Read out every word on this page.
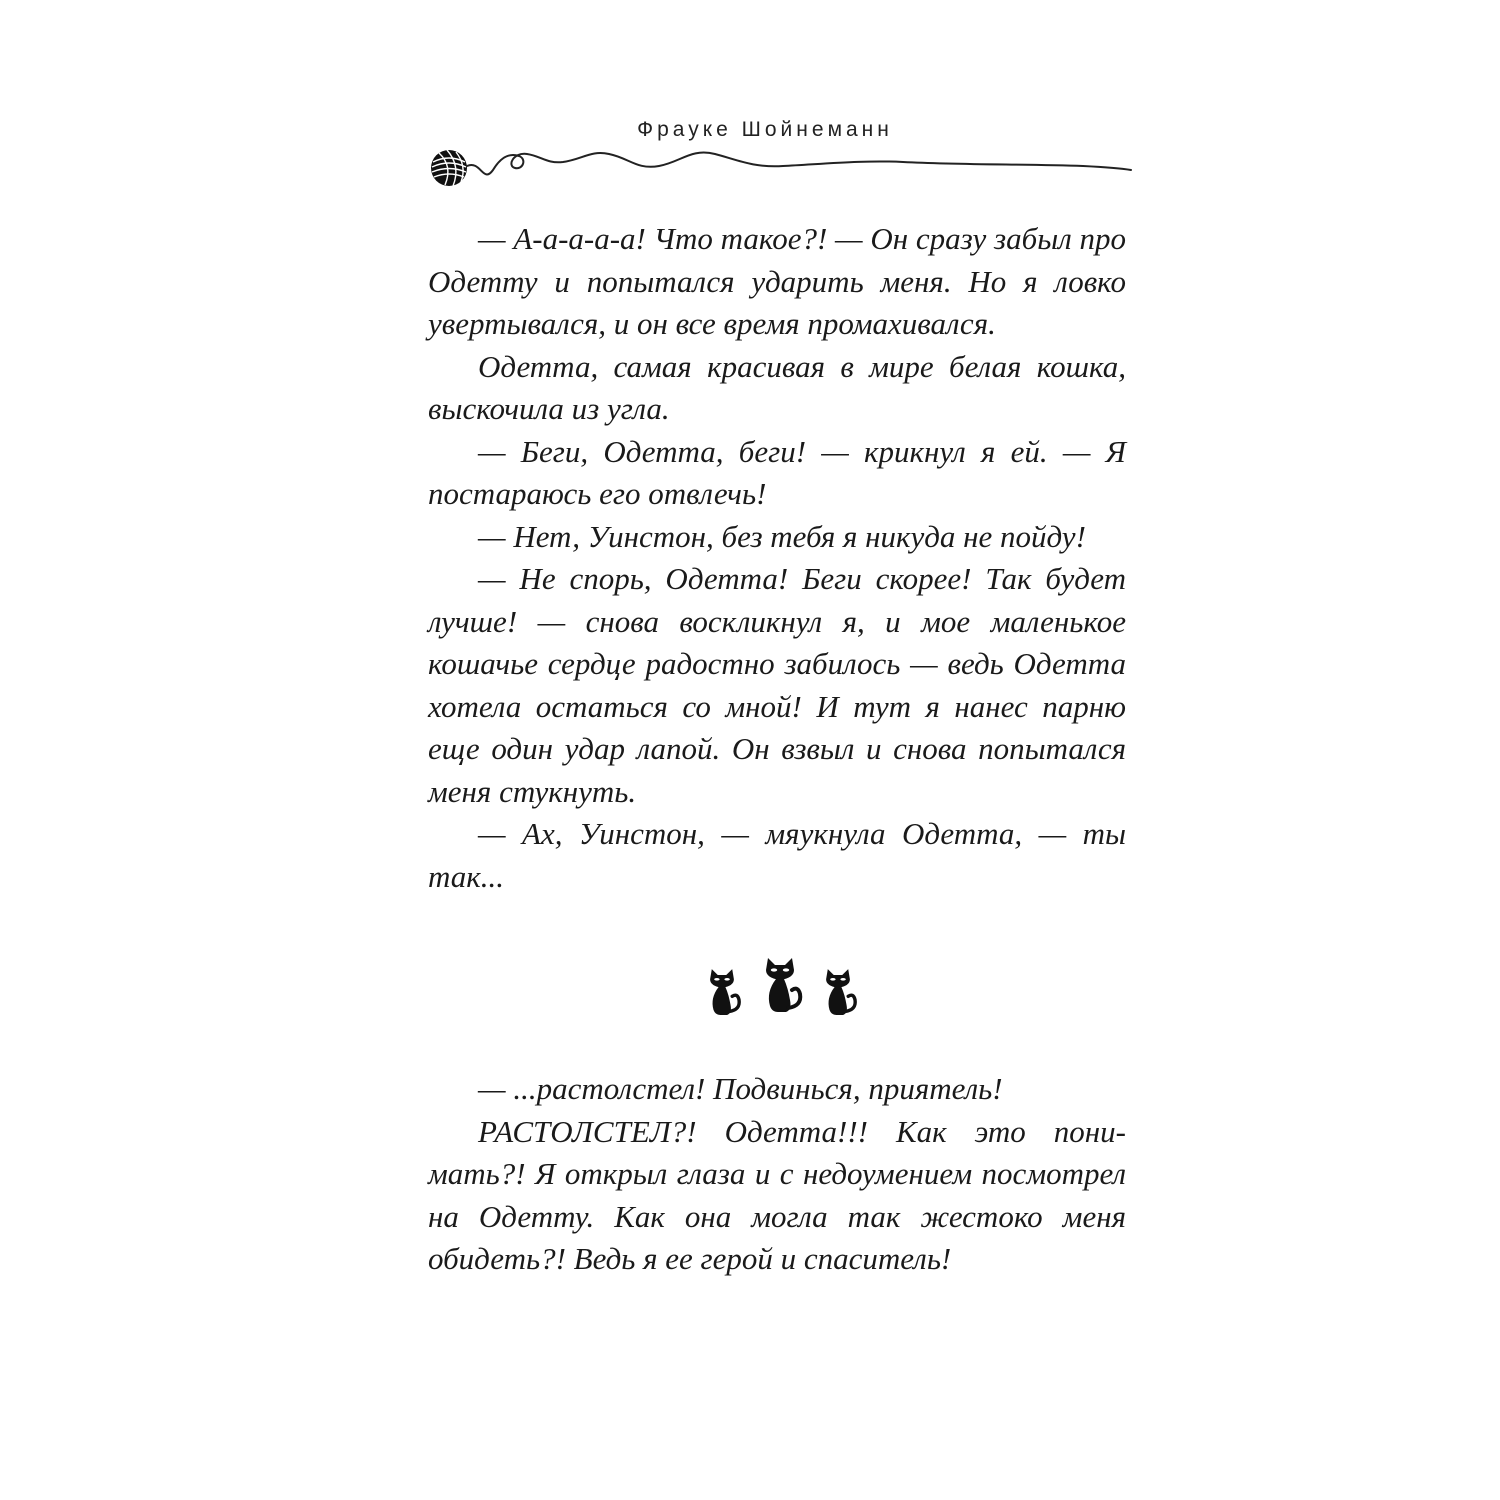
Фрауке Шойнеманн

— А-а-а-а-а! Что такое?! — Он сразу забыл про Одетту и попытался ударить меня. Но я ловко увертывался, и он все время промахивался.

Одетта, самая красивая в мире белая кошка, выскочила из угла.

— Беги, Одетта, беги! — крикнул я ей. — Я постараюсь его отвлечь!

— Нет, Уинстон, без тебя я никуда не пойду!

— Не спорь, Одетта! Беги скорее! Так будет лучше! — снова воскликнул я, и мое маленькое кошачье сердце радостно забилось — ведь Одетта хотела остаться со мной! И тут я нанес парню еще один удар лапой. Он взвыл и снова попытался меня стукнуть.

— Ах, Уинстон, — мяукнула Одетта, — ты так...

— ...растолстел! Подвинься, приятель!

РАСТОЛСТЕЛ?! Одетта!!! Как это понимать?! Я открыл глаза и с недоумением посмотрел на Одетту. Как она могла так жестоко меня обидеть?! Ведь я ее герой и спаситель!
